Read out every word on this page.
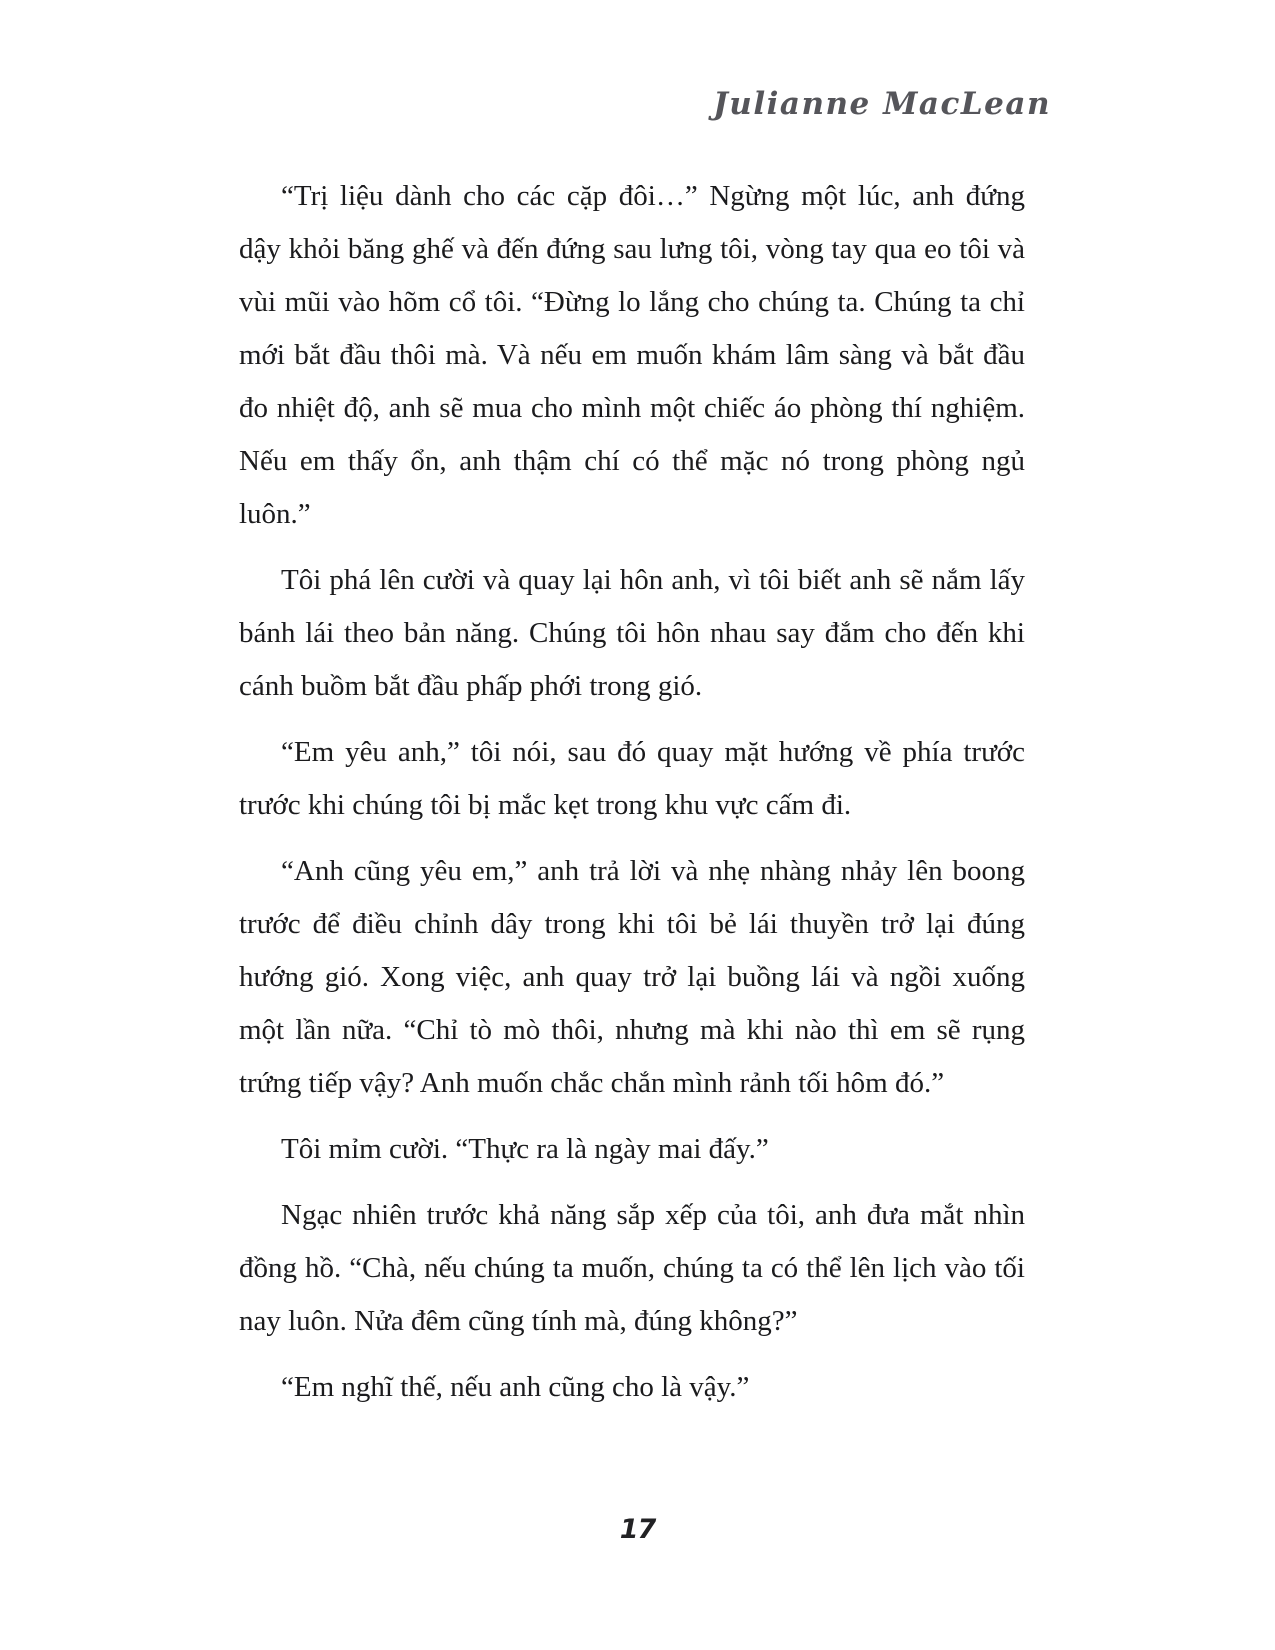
Julianne MacLean

“Trị liệu dành cho các cặp đôi…” Ngừng một lúc, anh đứng dậy khỏi băng ghế và đến đứng sau lưng tôi, vòng tay qua eo tôi và vùi mũi vào hõm cổ tôi. “Đừng lo lắng cho chúng ta. Chúng ta chỉ mới bắt đầu thôi mà. Và nếu em muốn khám lâm sàng và bắt đầu đo nhiệt độ, anh sẽ mua cho mình một chiếc áo phòng thí nghiệm. Nếu em thấy ổn, anh thậm chí có thể mặc nó trong phòng ngủ luôn.”

Tôi phá lên cười và quay lại hôn anh, vì tôi biết anh sẽ nắm lấy bánh lái theo bản năng. Chúng tôi hôn nhau say đắm cho đến khi cánh buồm bắt đầu phấp phới trong gió.

“Em yêu anh,” tôi nói, sau đó quay mặt hướng về phía trước trước khi chúng tôi bị mắc kẹt trong khu vực cấm đi.

“Anh cũng yêu em,” anh trả lời và nhẹ nhàng nhảy lên boong trước để điều chỉnh dây trong khi tôi bẻ lái thuyền trở lại đúng hướng gió. Xong việc, anh quay trở lại buồng lái và ngồi xuống một lần nữa. “Chỉ tò mò thôi, nhưng mà khi nào thì em sẽ rụng trứng tiếp vậy? Anh muốn chắc chắn mình rảnh tối hôm đó.”

Tôi mỉm cười. “Thực ra là ngày mai đấy.”

Ngạc nhiên trước khả năng sắp xếp của tôi, anh đưa mắt nhìn đồng hồ. “Chà, nếu chúng ta muốn, chúng ta có thể lên lịch vào tối nay luôn. Nửa đêm cũng tính mà, đúng không?”

“Em nghĩ thế, nếu anh cũng cho là vậy.”

17
